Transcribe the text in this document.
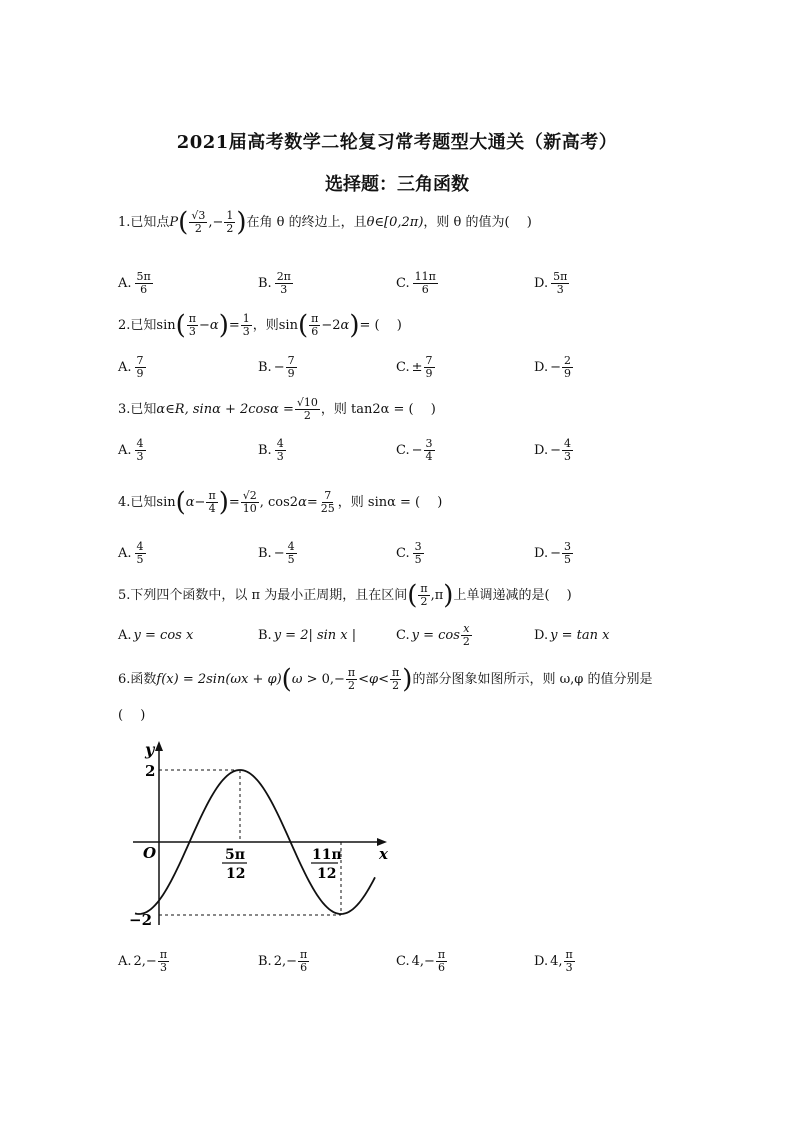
2021届高考数学二轮复习常考题型大通关（新高考）
选择题：三角函数
1.已知点$P( \frac{√3}{2}$ ,− $\frac{1}{2}$ )在角 θ 的终边上，且θ∈[0,2π)，则 θ 的值为(　 )
A. $\frac{5\pi}{6}$	B. $\frac{2\pi}{3}$	C. $\frac{11\pi}{6}$	D. $\frac{5\pi}{3}$
2.已知$\sin( \frac{\pi}{3} -\alpha)= \frac{1}{3}$ ，则$\sin( \frac{\pi}{6} -2\alpha)=$ (　 )
A. $\frac{7}{9}$	B. − $\frac{7}{9}$	C. ± $\frac{7}{9}$	D. − $\frac{2}{9}$
3.已知α∈R, $\sin\alpha + 2\cos\alpha = \frac{√10}{2}$ ，则 tan2α = (　 )
A. $\frac{4}{3}$	B. $\frac{4}{3}$	C. − $\frac{3}{4}$	D. − $\frac{4}{3}$
4.已知$\sin(\alpha- \frac{\pi}{4}$ )= $\frac{√2}{10}$ , $\cos 2\alpha= \frac{7}{25}$ ，则 sinα = (　 )
A. $\frac{4}{5}$	B. − $\frac{4}{5}$	C. $\frac{3}{5}$	D. − $\frac{3}{5}$
5.下列四个函数中，以 π 为最小正周期，且在区间( $\frac{\pi}{2} ,\pi$)上单调递减的是(　 )
A. y = cos x	B. y = 2| sin x |	C. $y = \cos \frac{x}{2}$	D. y = tan x
6.函数$f(x) = 2\sin(\omega x + \varphi)(\omega > 0,- \frac{\pi}{2} <\varphi< \frac{\pi}{2}$ )的部分图象如图所示，则 ω,φ 的值分别是
(　 )
y
x
O
2
−2
5π
12
11π
12
A. $2,- \frac{\pi}{3}$	B. $2,- \frac{\pi}{6}$	C. $4,- \frac{\pi}{6}$	D. 4, $\frac{\pi}{3}$
